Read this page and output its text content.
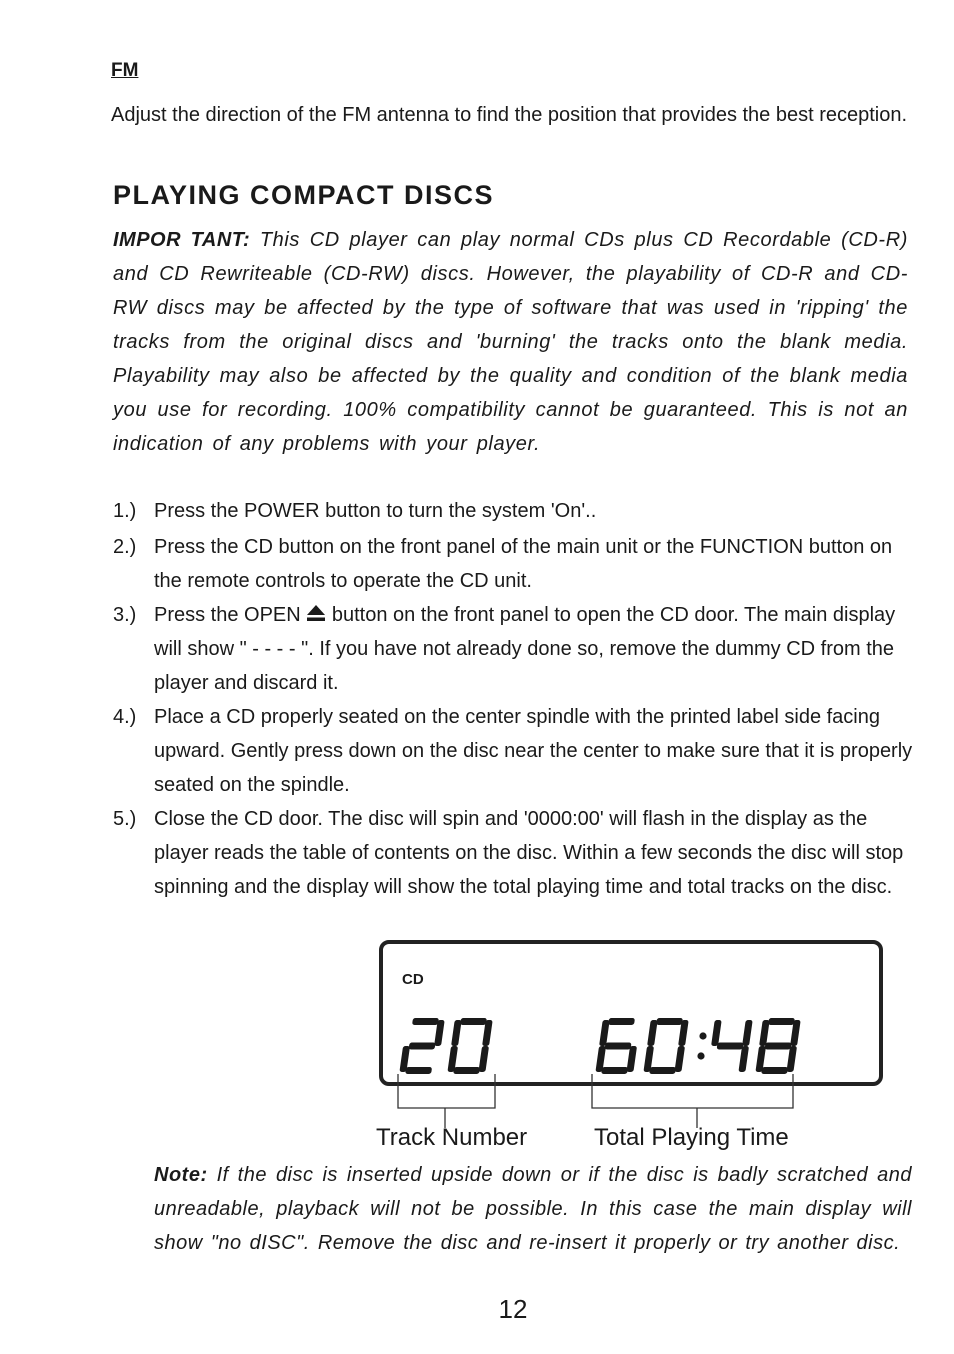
FM
Adjust the direction of the FM antenna to find the position that provides the best reception.
PLAYING COMPACT DISCS
IMPOR TANT: This CD player can play normal CDs plus CD Recordable (CD-R) and CD Rewriteable (CD-RW) discs. However, the playability of CD-R and CD-RW discs may be affected by the type of software that was used in 'ripping' the tracks from the original discs and 'burning' the tracks onto the blank media. Playability may also be affected by the quality and condition of the blank media you use for recording. 100% compatibility cannot be guaranteed. This is not an indication of any problems with your player.
1.) Press the POWER button to turn the system 'On'..
2.) Press the CD button on the front panel of the main unit or the FUNCTION button on the remote controls to operate the CD unit.
3.) Press the OPEN button on the front panel to open the CD door. The main display will show " - - - - ". If you have not already done so, remove the dummy CD from the player and discard it.
4.) Place a CD properly seated on the center spindle with the printed label side facing upward. Gently press down on the disc near the center to make sure that it is properly seated on the spindle.
5.) Close the CD door. The disc will spin and '0000:00' will flash in the display as the player reads the table of contents on the disc. Within a few seconds the disc will stop spinning and the display will show the total playing time and total tracks on the disc.
CD
Track Number	Total Playing Time
Note: If the disc is inserted upside down or if the disc is badly scratched and unreadable, playback will not be possible. In this case the main display will show "no dISC". Remove the disc and re-insert it properly or try another disc.
12
